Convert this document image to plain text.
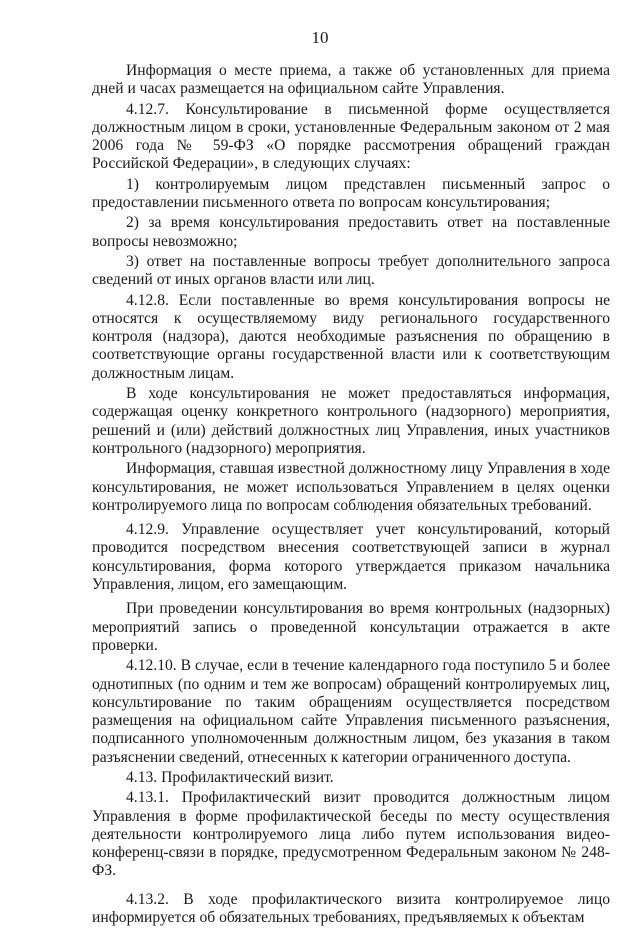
10

Информация о месте приема, а также об установленных для приема дней и часах размещается на официальном сайте Управления.

4.12.7. Консультирование в письменной форме осуществляется должностным лицом в сроки, установленные Федеральным законом от 2 мая 2006 года № 59-ФЗ «О порядке рассмотрения обращений граждан Российской Федерации», в следующих случаях:

1) контролируемым лицом представлен письменный запрос о предоставлении письменного ответа по вопросам консультирования;

2) за время консультирования предоставить ответ на поставленные вопросы невозможно;

3) ответ на поставленные вопросы требует дополнительного запроса сведений от иных органов власти или лиц.

4.12.8. Если поставленные во время консультирования вопросы не относятся к осуществляемому виду регионального государственного контроля (надзора), даются необходимые разъяснения по обращению в соответствующие органы государственной власти или к соответствующим должностным лицам.

В ходе консультирования не может предоставляться информация, содержащая оценку конкретного контрольного (надзорного) мероприятия, решений и (или) действий должностных лиц Управления, иных участников контрольного (надзорного) мероприятия.

Информация, ставшая известной должностному лицу Управления в ходе консультирования, не может использоваться Управлением в целях оценки контролируемого лица по вопросам соблюдения обязательных требований.

4.12.9. Управление осуществляет учет консультирований, который проводится посредством внесения соответствующей записи в журнал консультирования, форма которого утверждается приказом начальника Управления, лицом, его замещающим.

При проведении консультирования во время контрольных (надзорных) мероприятий запись о проведенной консультации отражается в акте проверки.

4.12.10. В случае, если в течение календарного года поступило 5 и более однотипных (по одним и тем же вопросам) обращений контролируемых лиц, консультирование по таким обращениям осуществляется посредством размещения на официальном сайте Управления письменного разъяснения, подписанного уполномоченным должностным лицом, без указания в таком разъяснении сведений, отнесенных к категории ограниченного доступа.

4.13. Профилактический визит.

4.13.1. Профилактический визит проводится должностным лицом Управления в форме профилактической беседы по месту осуществления деятельности контролируемого лица либо путем использования видео-конференц-связи в порядке, предусмотренном Федеральным законом № 248-ФЗ.

4.13.2. В ходе профилактического визита контролируемое лицо информируется об обязательных требованиях, предъявляемых к объектам
